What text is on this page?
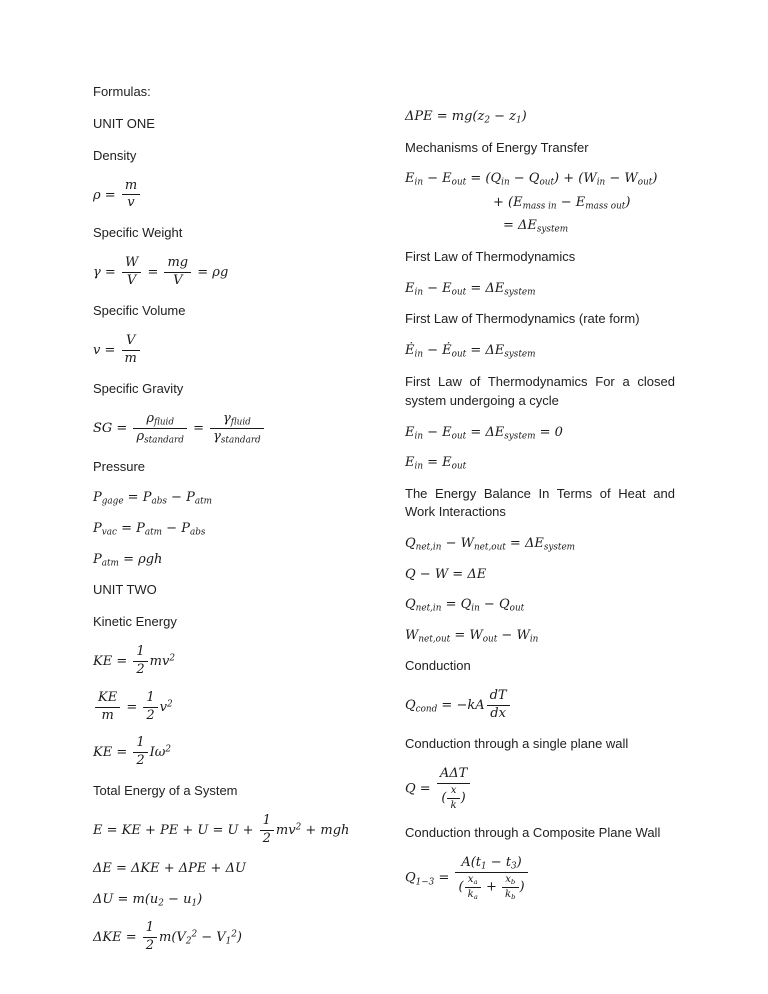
Formulas:
UNIT ONE
Density
$\rho = \frac{m}{v}$
Specific Weight
$\gamma = \frac{W}{V} = \frac{mg}{V} = \rho g$
Specific Volume
$v = \frac{V}{m}$
Specific Gravity
SG = $\frac{\rho_{fluid}}{\rho_{standard}} = \frac{\gamma_{fluid}}{\gamma_{standard}}$
Pressure
$P_{gage} = P_{abs} - P_{atm}$
$P_{vac} = P_{atm} - P_{abs}$
$P_{atm} = \rho gh$
UNIT TWO
Kinetic Energy
KE = $\frac{1}{2} mv^2$
$\frac{KE}{m} = \frac{1}{2} v^2$
KE = $\frac{1}{2} I\omega^2$
Total Energy of a System
E = KE + PE + $U = U + \frac{1}{2} mv^2$ + mgh
ΔE = ΔKE + ΔPE + ΔU
$\Delta U = m(u_2 - u_1)$
$\Delta KE = \frac{1}{2} m(V_2^2 - V_1^2)$
$\Delta PE = mg(z_2 - z_1)$
Mechanisms of Energy Transfer
$E_{in} - E_{out} = (Q_{in} - Q_{out}) + (W_{in} - W_{out})$
+ $(E_{mass in} - E_{mass out})$
= $\Delta E_{system}$
First Law of Thermodynamics
$E_{in} - E_{out} = \Delta E_{system}$
First Law of Thermodynamics (rate form)
$Ė_{in}$ − $Ė_{out} = \Delta E_{system}$
First Law of Thermodynamics For a closed system undergoing a cycle
$E_{in} - E_{out} = \Delta E_{system} = 0$
$E_{in} = E_{out}$
The Energy Balance In Terms of Heat and Work Interactions
$Q_{net,in} - W_{net,out} = \Delta E_{system}$
Q − W = ΔE
$Q_{net,in} = Q_{in} - Q_{out}$
$W_{net,out} = W_{out} - W_{in}$
Conduction
$Q_{cond} = -kA \frac{dT}{dx}$
Conduction through a single plane wall
$Q = \frac{\text{AΔT}}{( \frac{x}{k} )}$
Conduction through a Composite Plane Wall
$Q_{1-3} = \frac{A(t_1 - t_3)}{( \frac{x_a}{k_a} + \frac{x_b}{k_b} )}$
